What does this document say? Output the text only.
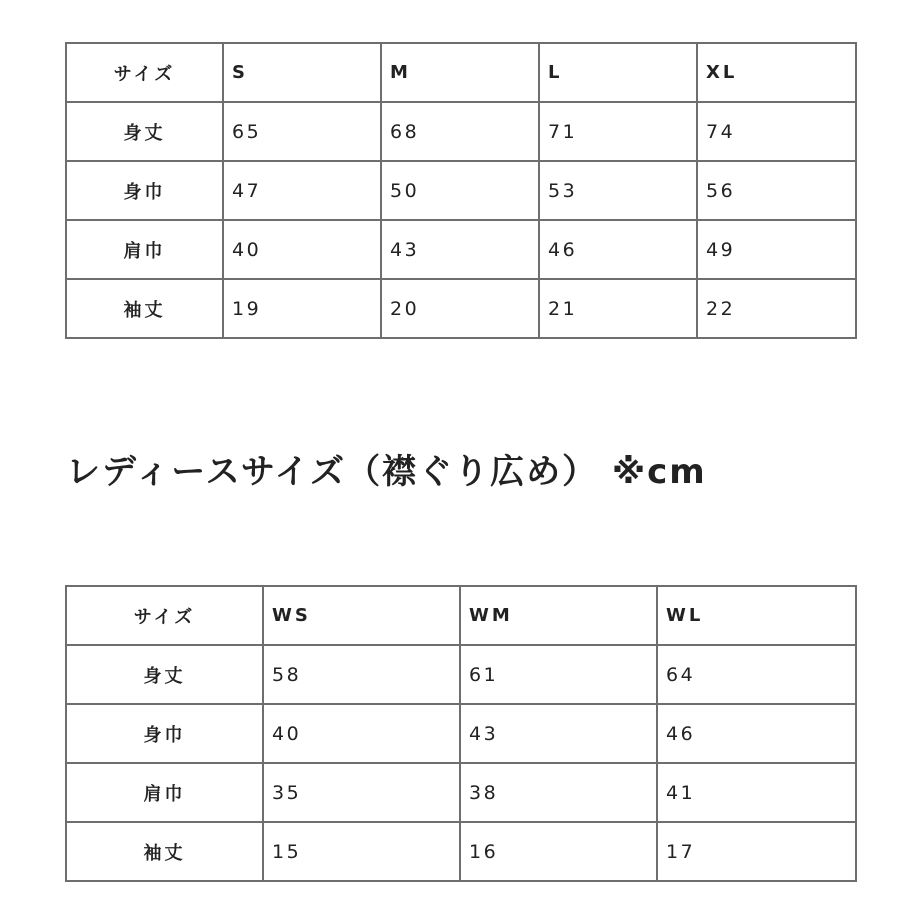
サイズ	S	M	L	XL
身丈	65	68	71	74
身巾	47	50	53	56
肩巾	40	43	46	49
袖丈	19	20	21	22
レディースサイズ（襟ぐり広め） ※cm
サイズ	WS	WM	WL
身丈	58	61	64
身巾	40	43	46
肩巾	35	38	41
袖丈	15	16	17
